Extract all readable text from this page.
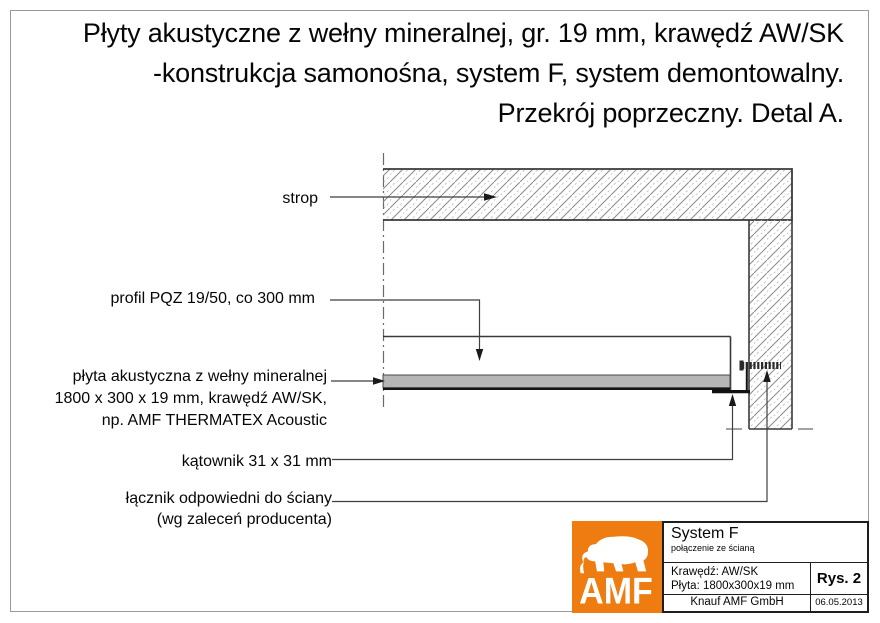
Płyty akustyczne z wełny mineralnej, gr. 19 mm, krawędź AW/SK
-konstrukcja samonośna, system F, system demontowalny.
Przekrój poprzeczny. Detal A.
strop
profil PQZ 19/50, co 300 mm
płyta akustyczna z wełny mineralnej
1800 x 300 x 19 mm, krawędź AW/SK,
np. AMF THERMATEX Acoustic
kątownik 31 x 31 mm
łącznik odpowiedni do ściany
(wg zaleceń producenta)
AMF
System F
połączenie ze ścianą
Krawędź: AW/SK
Płyta: 1800x300x19 mm	Rys. 2
Knauf AMF GmbH	06.05.2013
